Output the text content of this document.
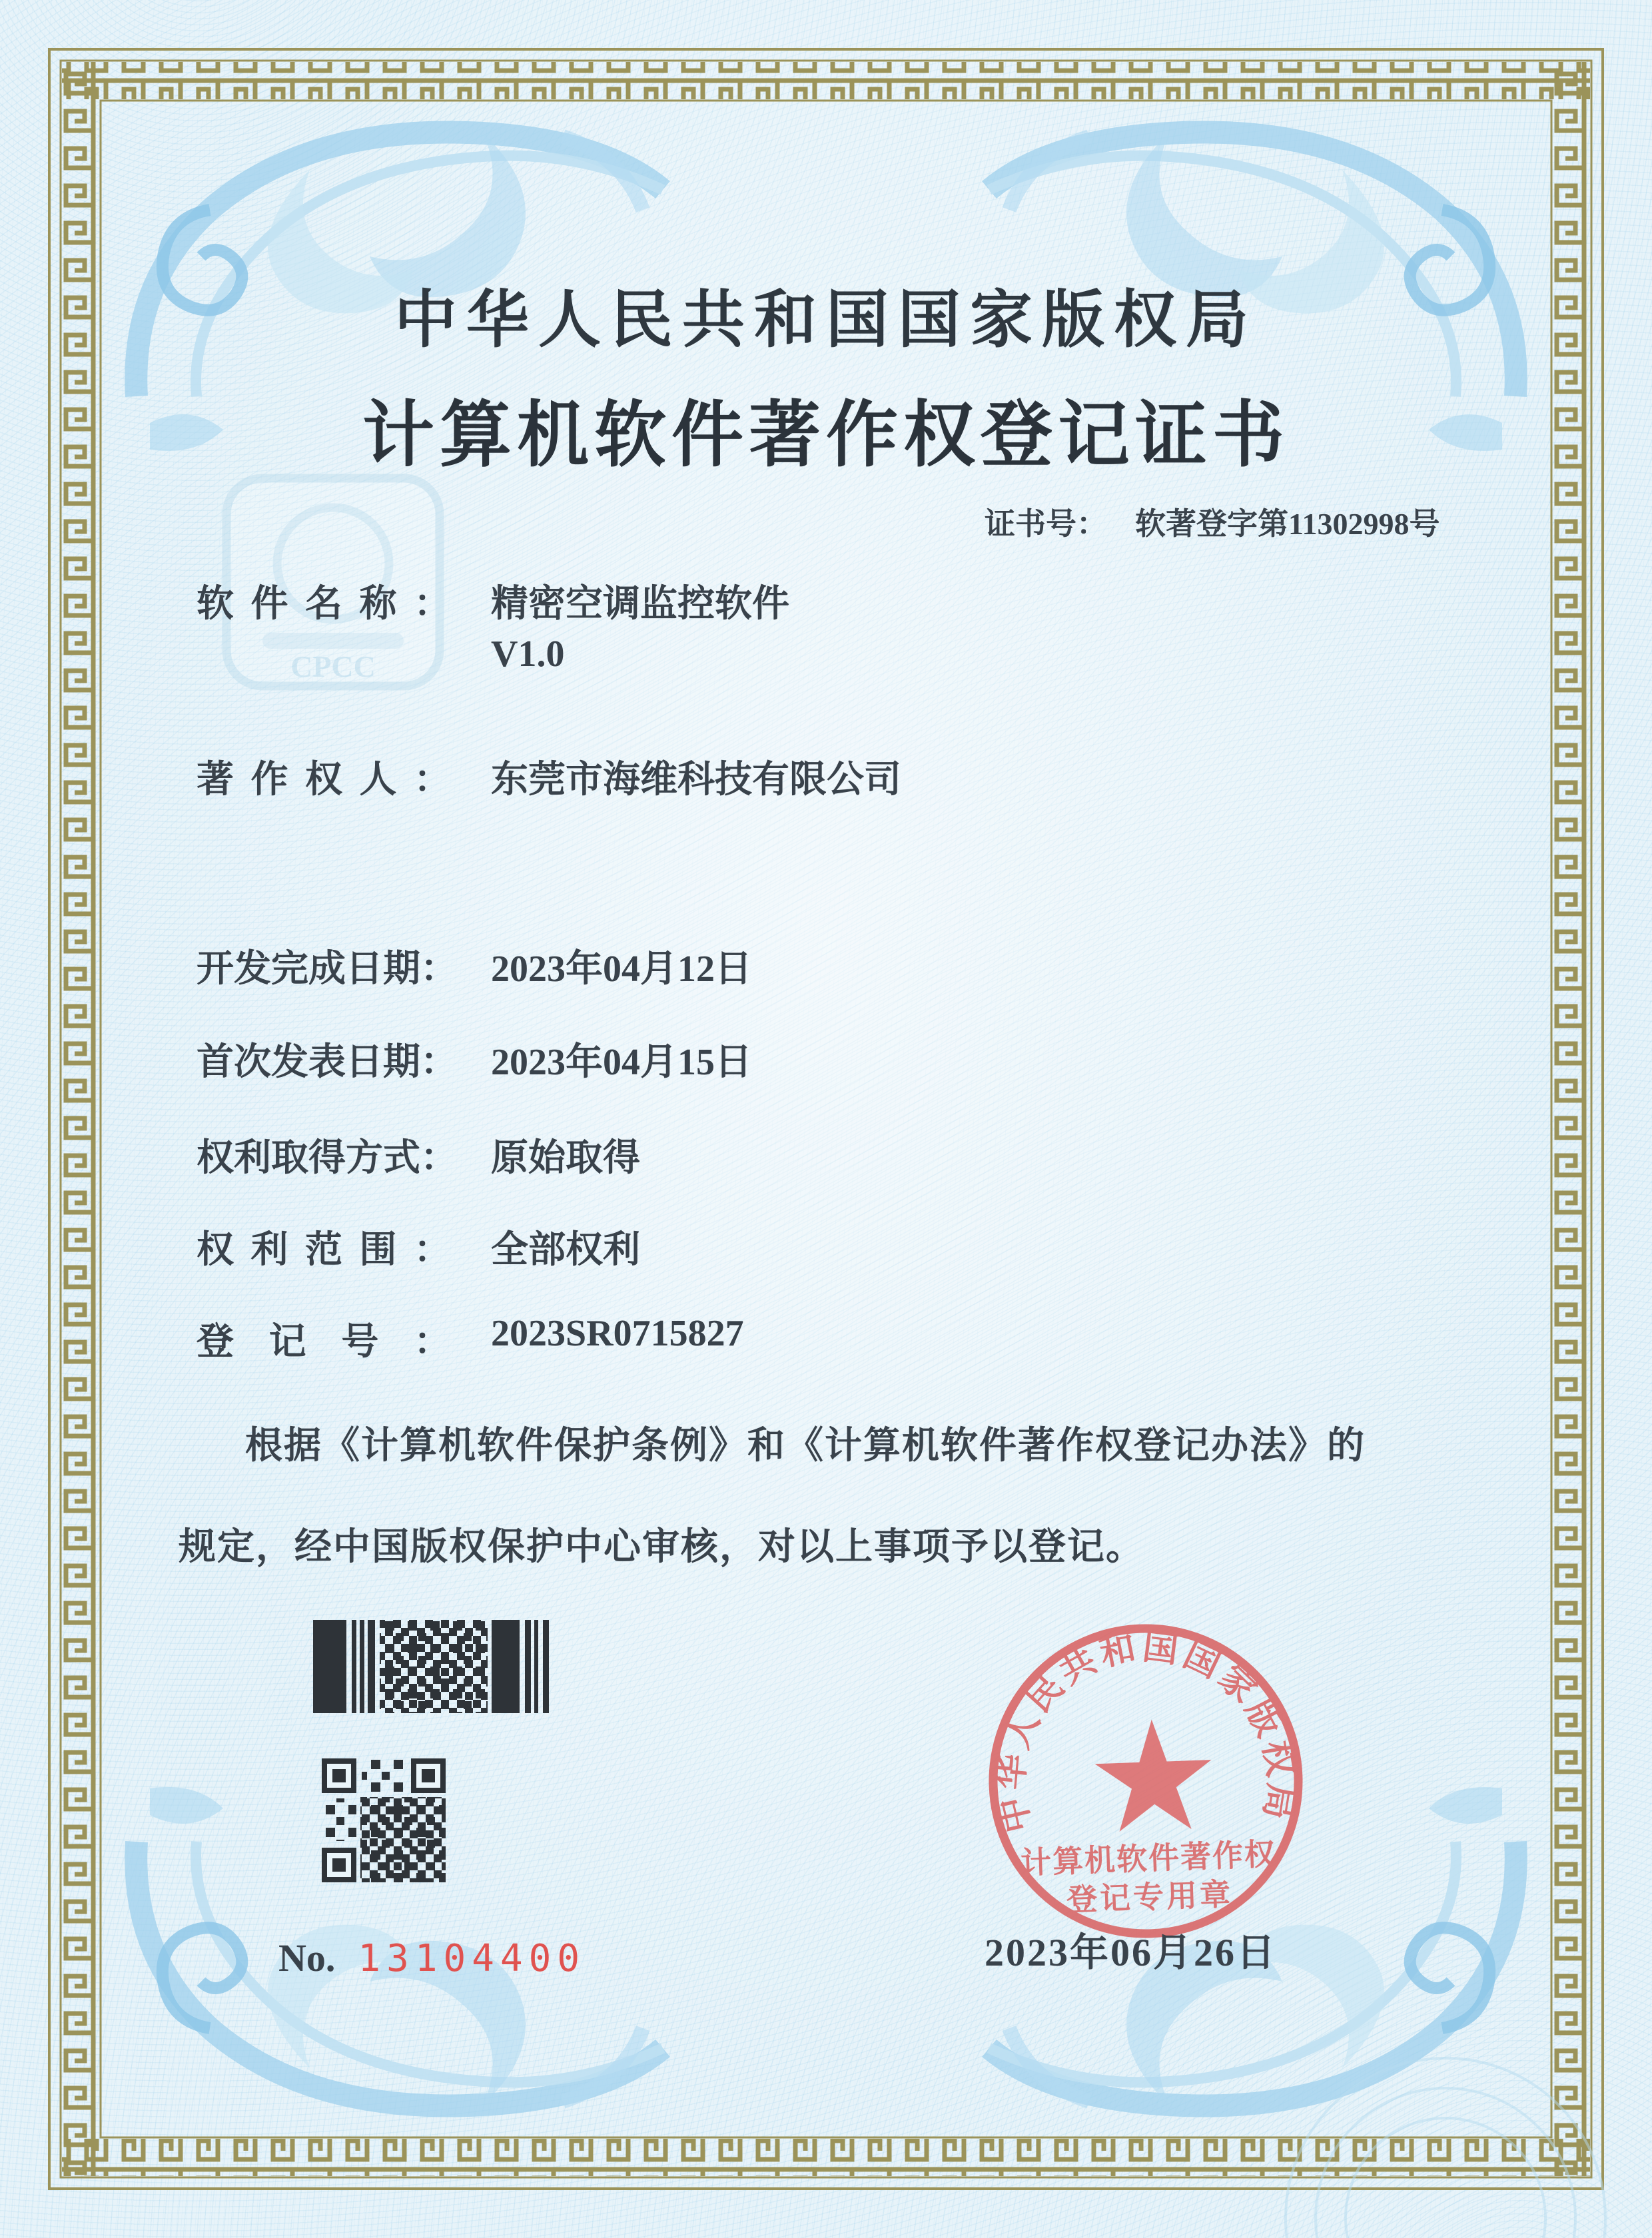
CPCC
中华人民共和国国家版权局
计算机软件著作权登记证书
证书号： 软著登字第11302998号
软 件 名 称 ： 精密空调监控软件
V1.0
著 作 权 人 ： 东莞市海维科技有限公司
开 发 完 成 日 期 ： 2023年04月12日
首 次 发 表 日 期 ： 2023年04月15日
权 利 取 得 方 式 ： 原始取得
权 利 范 围 ： 全部权利
登 记 号 ： 2023SR0715827
根据《计算机软件保护条例》和《计算机软件著作权登记办法》的
规定，经中国版权保护中心审核，对以上事项予以登记。
No. 13104400
中华人民共和国国家版权局
计算机软件著作权
登记专用章
2023年06月26日
